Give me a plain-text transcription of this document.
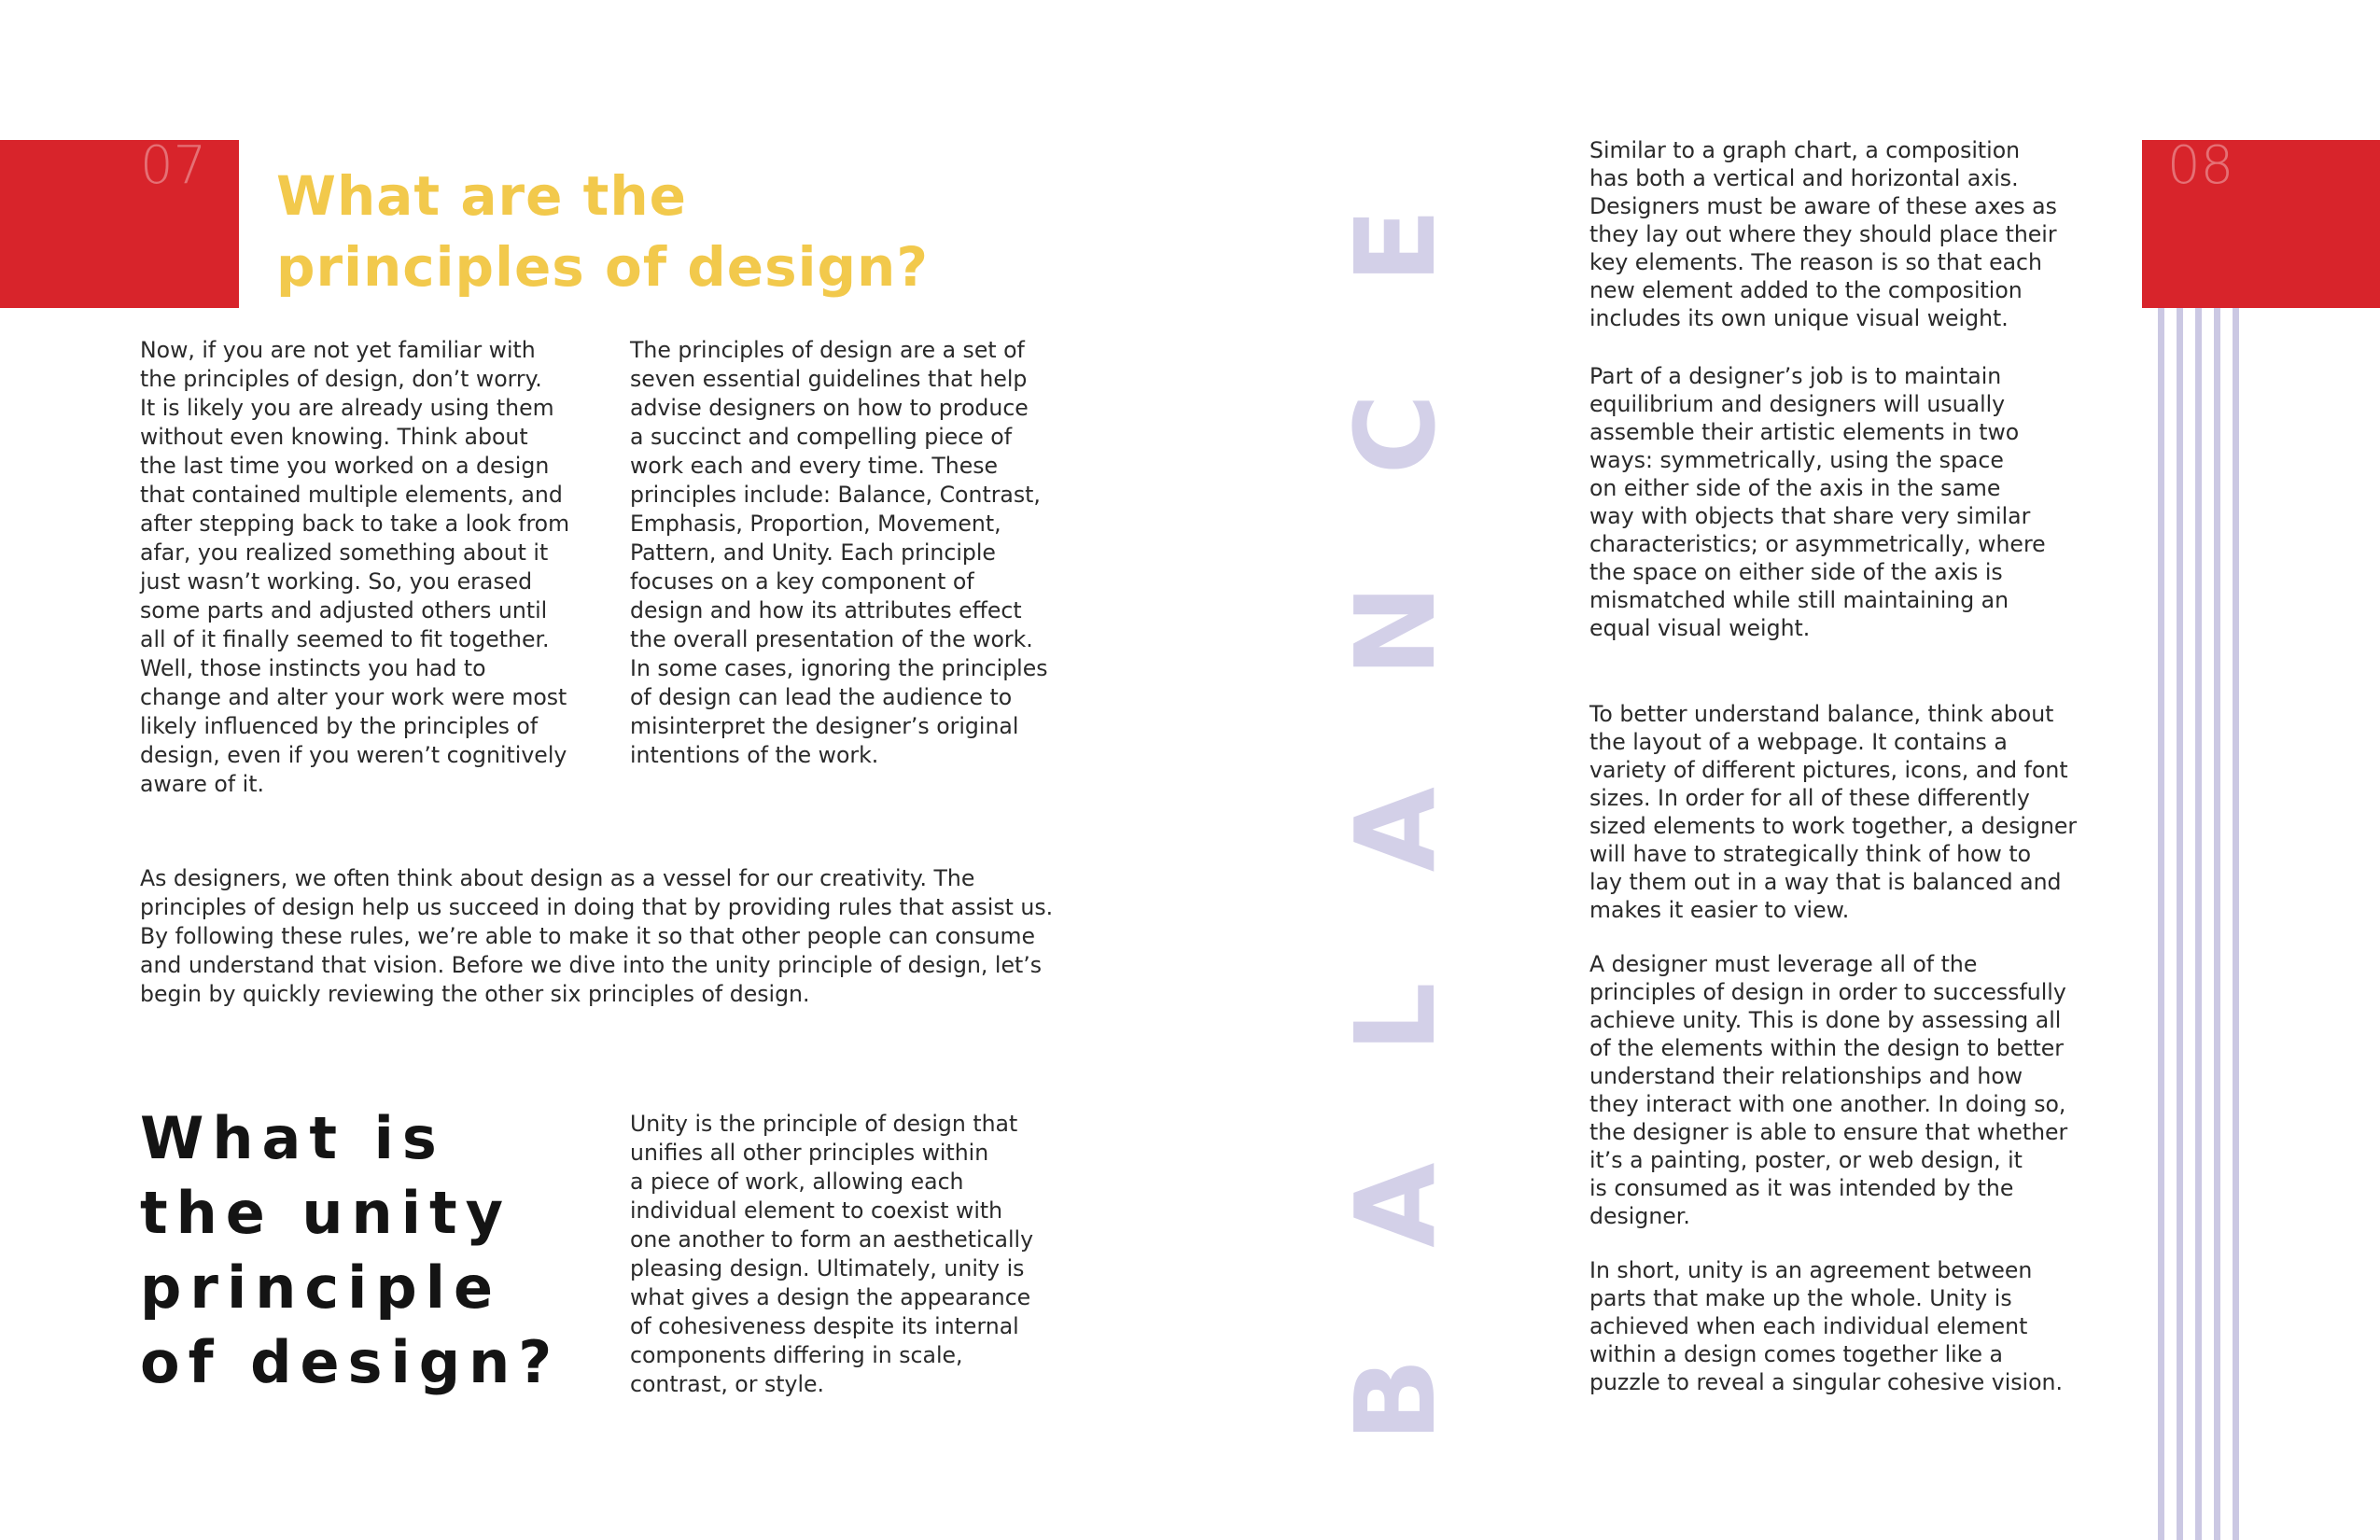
07 What are the

principles of design?

Now, if you are not yet familiar with
the principles of design, don’t worry.
It is likely you are already using them
without even knowing. Think about
the last time you worked on a design
that contained multiple elements, and
after stepping back to take a look from
afar, you realized something about it
just wasn’t working. So, you erased
some parts and adjusted others until
all of it finally seemed to fit together.
Well, those instincts you had to
change and alter your work were most
likely influenced by the principles of
design, even if you weren’t cognitively
aware of it.

The principles of design are a set of
seven essential guidelines that help
advise designers on how to produce
a succinct and compelling piece of
work each and every time. These
principles include: Balance, Contrast,
Emphasis, Proportion, Movement,
Pattern, and Unity. Each principle
focuses on a key component of
design and how its attributes effect
the overall presentation of the work.
In some cases, ignoring the principles
of design can lead the audience to
misinterpret the designer’s original
intentions of the work.

As designers, we often think about design as a vessel for our creativity. The
principles of design help us succeed in doing that by providing rules that assist us.
By following these rules, we’re able to make it so that other people can consume
and understand that vision. Before we dive into the unity principle of design, let’s
begin by quickly reviewing the other six principles of design.

What is
the unity
principle
of design?

Unity is the principle of design that
unifies all other principles within
a piece of work, allowing each
individual element to coexist with
one another to form an aesthetically
pleasing design. Ultimately, unity is
what gives a design the appearance
of cohesiveness despite its internal
components differing in scale,
contrast, or style.	BALANCE	Similar to a graph chart, a composition
has both a vertical and horizontal axis.
Designers must be aware of these axes as
they lay out where they should place their
key elements. The reason is so that each
new element added to the composition
includes its own unique visual weight.

Part of a designer’s job is to maintain
equilibrium and designers will usually
assemble their artistic elements in two
ways: symmetrically, using the space
on either side of the axis in the same
way with objects that share very similar
characteristics; or asymmetrically, where
the space on either side of the axis is
mismatched while still maintaining an
equal visual weight.

To better understand balance, think about
the layout of a webpage. It contains a
variety of different pictures, icons, and font
sizes. In order for all of these differently
sized elements to work together, a designer
will have to strategically think of how to
lay them out in a way that is balanced and
makes it easier to view.

A designer must leverage all of the
principles of design in order to successfully
achieve unity. This is done by assessing all
of the elements within the design to better
understand their relationships and how
they interact with one another. In doing so,
the designer is able to ensure that whether
it’s a painting, poster, or web design, it
is consumed as it was intended by the
designer.

In short, unity is an agreement between
parts that make up the whole. Unity is
achieved when each individual element
within a design comes together like a
puzzle to reveal a singular cohesive vision.

08
